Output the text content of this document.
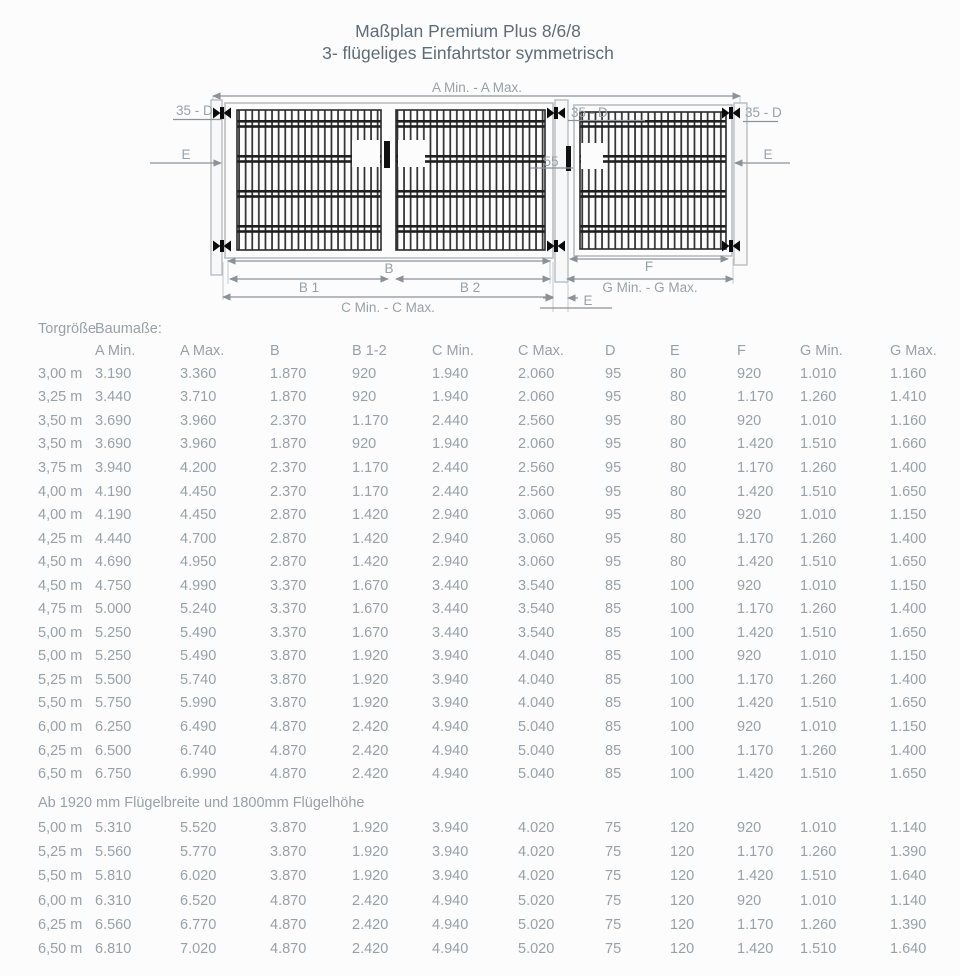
Maßplan Premium Plus 8/6/8
3- flügeliges Einfahrtstor symmetrisch
A Min. - A Max.
35 - D	35 - D	35 - D
E	55	E
B
B 1	B 2
C Min. - C Max.
F
G Min. - G Max.
E
Torgröße
Baumaße:
A Min.	A Max.	B	B 1-2	C Min.	C Max.	D	E	F	G Min.	G Max.
3,00 m 3.190	3.360	1.870	920	1.940	2.060	95	80	920	1.010	1.160
3,25 m 3.440	3.710	1.870	920	1.940	2.060	95	80	1.170	1.260	1.410
3,50 m 3.690	3.960	2.370	1.170	2.440	2.560	95	80	920	1.010	1.160
3,50 m 3.690	3.960	1.870	920	1.940	2.060	95	80	1.420	1.510	1.660
3,75 m 3.940	4.200	2.370	1.170	2.440	2.560	95	80	1.170	1.260	1.400
4,00 m 4.190	4.450	2.370	1.170	2.440	2.560	95	80	1.420	1.510	1.650
4,00 m 4.190	4.450	2.870	1.420	2.940	3.060	95	80	920	1.010	1.150
4,25 m 4.440	4.700	2.870	1.420	2.940	3.060	95	80	1.170	1.260	1.400
4,50 m 4.690	4.950	2.870	1.420	2.940	3.060	95	80	1.420	1.510	1.650
4,50 m 4.750	4.990	3.370	1.670	3.440	3.540	85	100	920	1.010	1.150
4,75 m 5.000	5.240	3.370	1.670	3.440	3.540	85	100	1.170	1.260	1.400
5,00 m 5.250	5.490	3.370	1.670	3.440	3.540	85	100	1.420	1.510	1.650
5,00 m 5.250	5.490	3.870	1.920	3.940	4.040	85	100	920	1.010	1.150
5,25 m 5.500	5.740	3.870	1.920	3.940	4.040	85	100	1.170	1.260	1.400
5,50 m 5.750	5.990	3.870	1.920	3.940	4.040	85	100	1.420	1.510	1.650
6,00 m 6.250	6.490	4.870	2.420	4.940	5.040	85	100	920	1.010	1.150
6,25 m 6.500	6.740	4.870	2.420	4.940	5.040	85	100	1.170	1.260	1.400
6,50 m 6.750	6.990	4.870	2.420	4.940	5.040	85	100	1.420	1.510	1.650
Ab 1920 mm Flügelbreite und 1800mm Flügelhöhe
5,00 m 5.310	5.520	3.870	1.920	3.940	4.020	75	120	920	1.010	1.140
5,25 m 5.560	5.770	3.870	1.920	3.940	4.020	75	120	1.170	1.260	1.390
5,50 m 5.810	6.020	3.870	1.920	3.940	4.020	75	120	1.420	1.510	1.640
6,00 m 6.310	6.520	4.870	2.420	4.940	5.020	75	120	920	1.010	1.140
6,25 m 6.560	6.770	4.870	2.420	4.940	5.020	75	120	1.170	1.260	1.390
6,50 m 6.810	7.020	4.870	2.420	4.940	5.020	75	120	1.420	1.510	1.640
